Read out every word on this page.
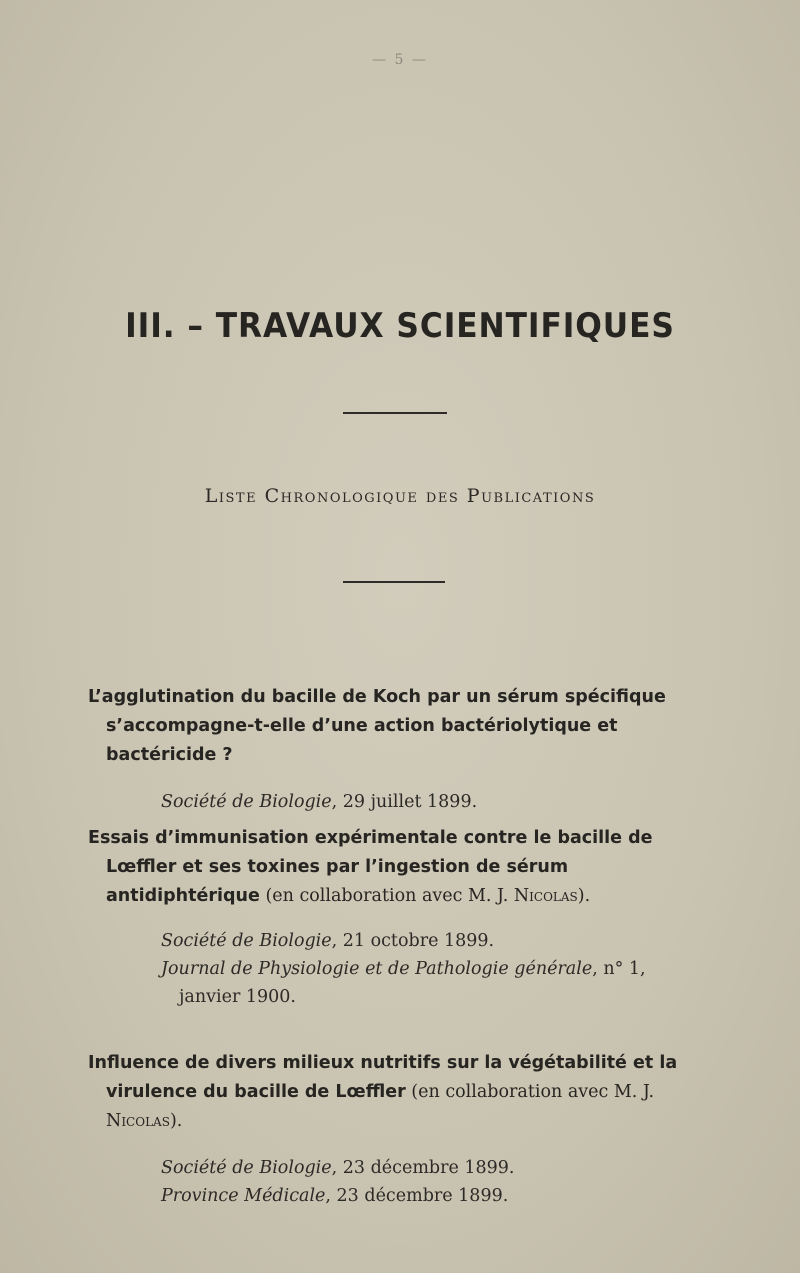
— 5 —
III. – TRAVAUX SCIENTIFIQUES
Liste Chronologique des Publications

L’agglutination du bacille de Koch par un sérum spécifique s’accompagne-t-elle d’une action bactériolytique et bactéricide ?

Société de Biologie, 29 juillet 1899.

Essais d’immunisation expérimentale contre le bacille de Lœffler et ses toxines par l’ingestion de sérum antidiphtérique (en collaboration avec M. J. Nicolas).

Société de Biologie, 21 octobre 1899.

Journal de Physiologie et de Pathologie générale, n° 1, janvier 1900.

Influence de divers milieux nutritifs sur la végétabilité et la virulence du bacille de Lœffler (en collaboration avec M. J. Nicolas).

Société de Biologie, 23 décembre 1899.

Province Médicale, 23 décembre 1899.
